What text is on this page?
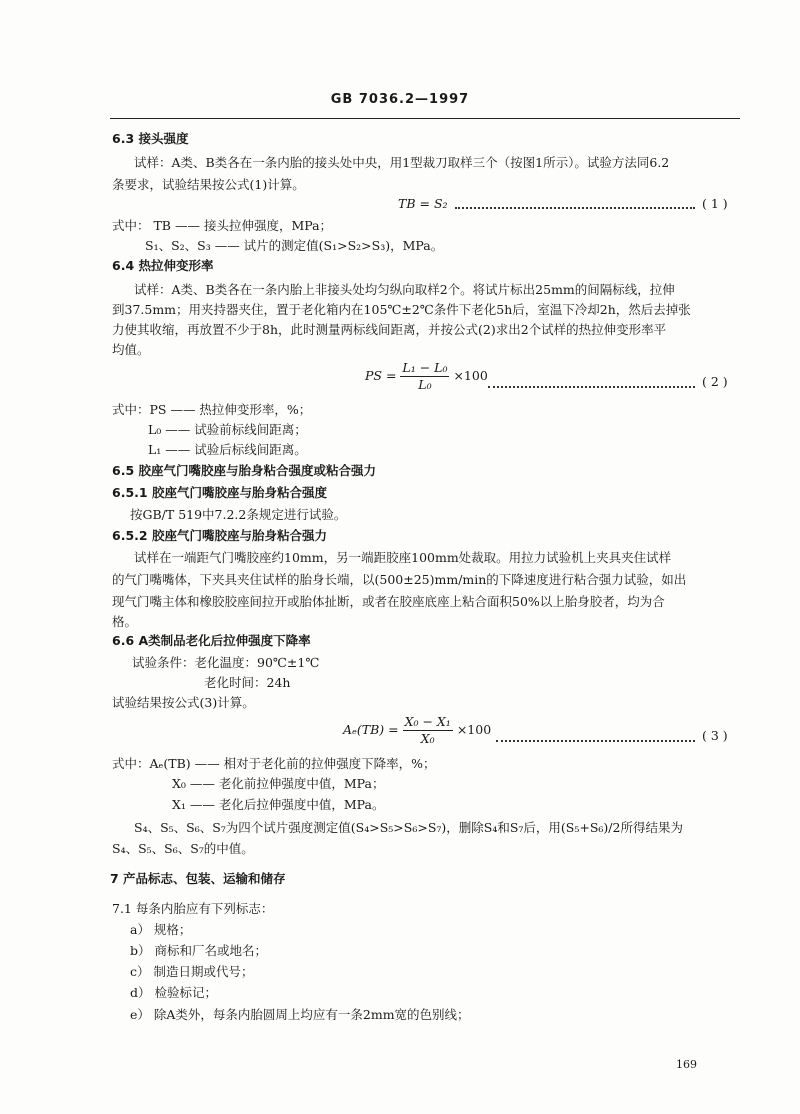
GB 7036.2—1997
6.3 接头强度
试样：A类、B类各在一条内胎的接头处中央，用1型裁刀取样三个（按图1所示）。试验方法同6.2
条要求，试验结果按公式(1)计算。
TB = S₂	( 1 )
式中： TB —— 接头拉伸强度，MPa；
S₁、S₂、S₃ —— 试片的测定值(S₁>S₂>S₃)，MPa。
6.4 热拉伸变形率
试样：A类、B类各在一条内胎上非接头处均匀纵向取样2个。将试片标出25mm的间隔标线，拉伸
到37.5mm；用夹持器夹住，置于老化箱内在105℃±2℃条件下老化5h后，室温下冷却2h，然后去掉张
力使其收缩，再放置不少于8h，此时测量两标线间距离，并按公式(2)求出2个试样的热拉伸变形率平
均值。
PS = $\frac{\text{L₁ − L₀}}{\text{L₀}} \times 100$	( 2 )
式中：PS —— 热拉伸变形率，%；
L₀ —— 试验前标线间距离；
L₁ —— 试验后标线间距离。
6.5 胶座气门嘴胶座与胎身粘合强度或粘合强力
6.5.1 胶座气门嘴胶座与胎身粘合强度
按GB/T 519中7.2.2条规定进行试验。
6.5.2 胶座气门嘴胶座与胎身粘合强力
试样在一端距气门嘴胶座约10mm，另一端距胶座100mm处裁取。用拉力试验机上夹具夹住试样
的气门嘴嘴体，下夹具夹住试样的胎身长端，以(500±25)mm/min的下降速度进行粘合强力试验，如出
现气门嘴主体和橡胶胶座间拉开或胎体扯断，或者在胶座底座上粘合面积50%以上胎身胶者，均为合
格。
6.6 A类制品老化后拉伸强度下降率
试验条件：老化温度：90℃±1℃
老化时间：24h
试验结果按公式(3)计算。
$A_e(TB) = \frac{\text{X₀ − X₁}}{\text{X₀}} \times 100$	( 3 )
式中：Aₑ(TB) —— 相对于老化前的拉伸强度下降率，%；
X₀ —— 老化前拉伸强度中值，MPa；
X₁ —— 老化后拉伸强度中值，MPa。
S₄、S₅、S₆、S₇为四个试片强度测定值(S₄>S₅>S₆>S₇)，删除S₄和S₇后，用(S₅+S₆)/2所得结果为
S₄、S₅、S₆、S₇的中值。
7 产品标志、包装、运输和储存
7.1 每条内胎应有下列标志：
a） 规格；
b） 商标和厂名或地名；
c） 制造日期或代号；
d） 检验标记；
e） 除A类外，每条内胎圆周上均应有一条2mm宽的色别线；
169
